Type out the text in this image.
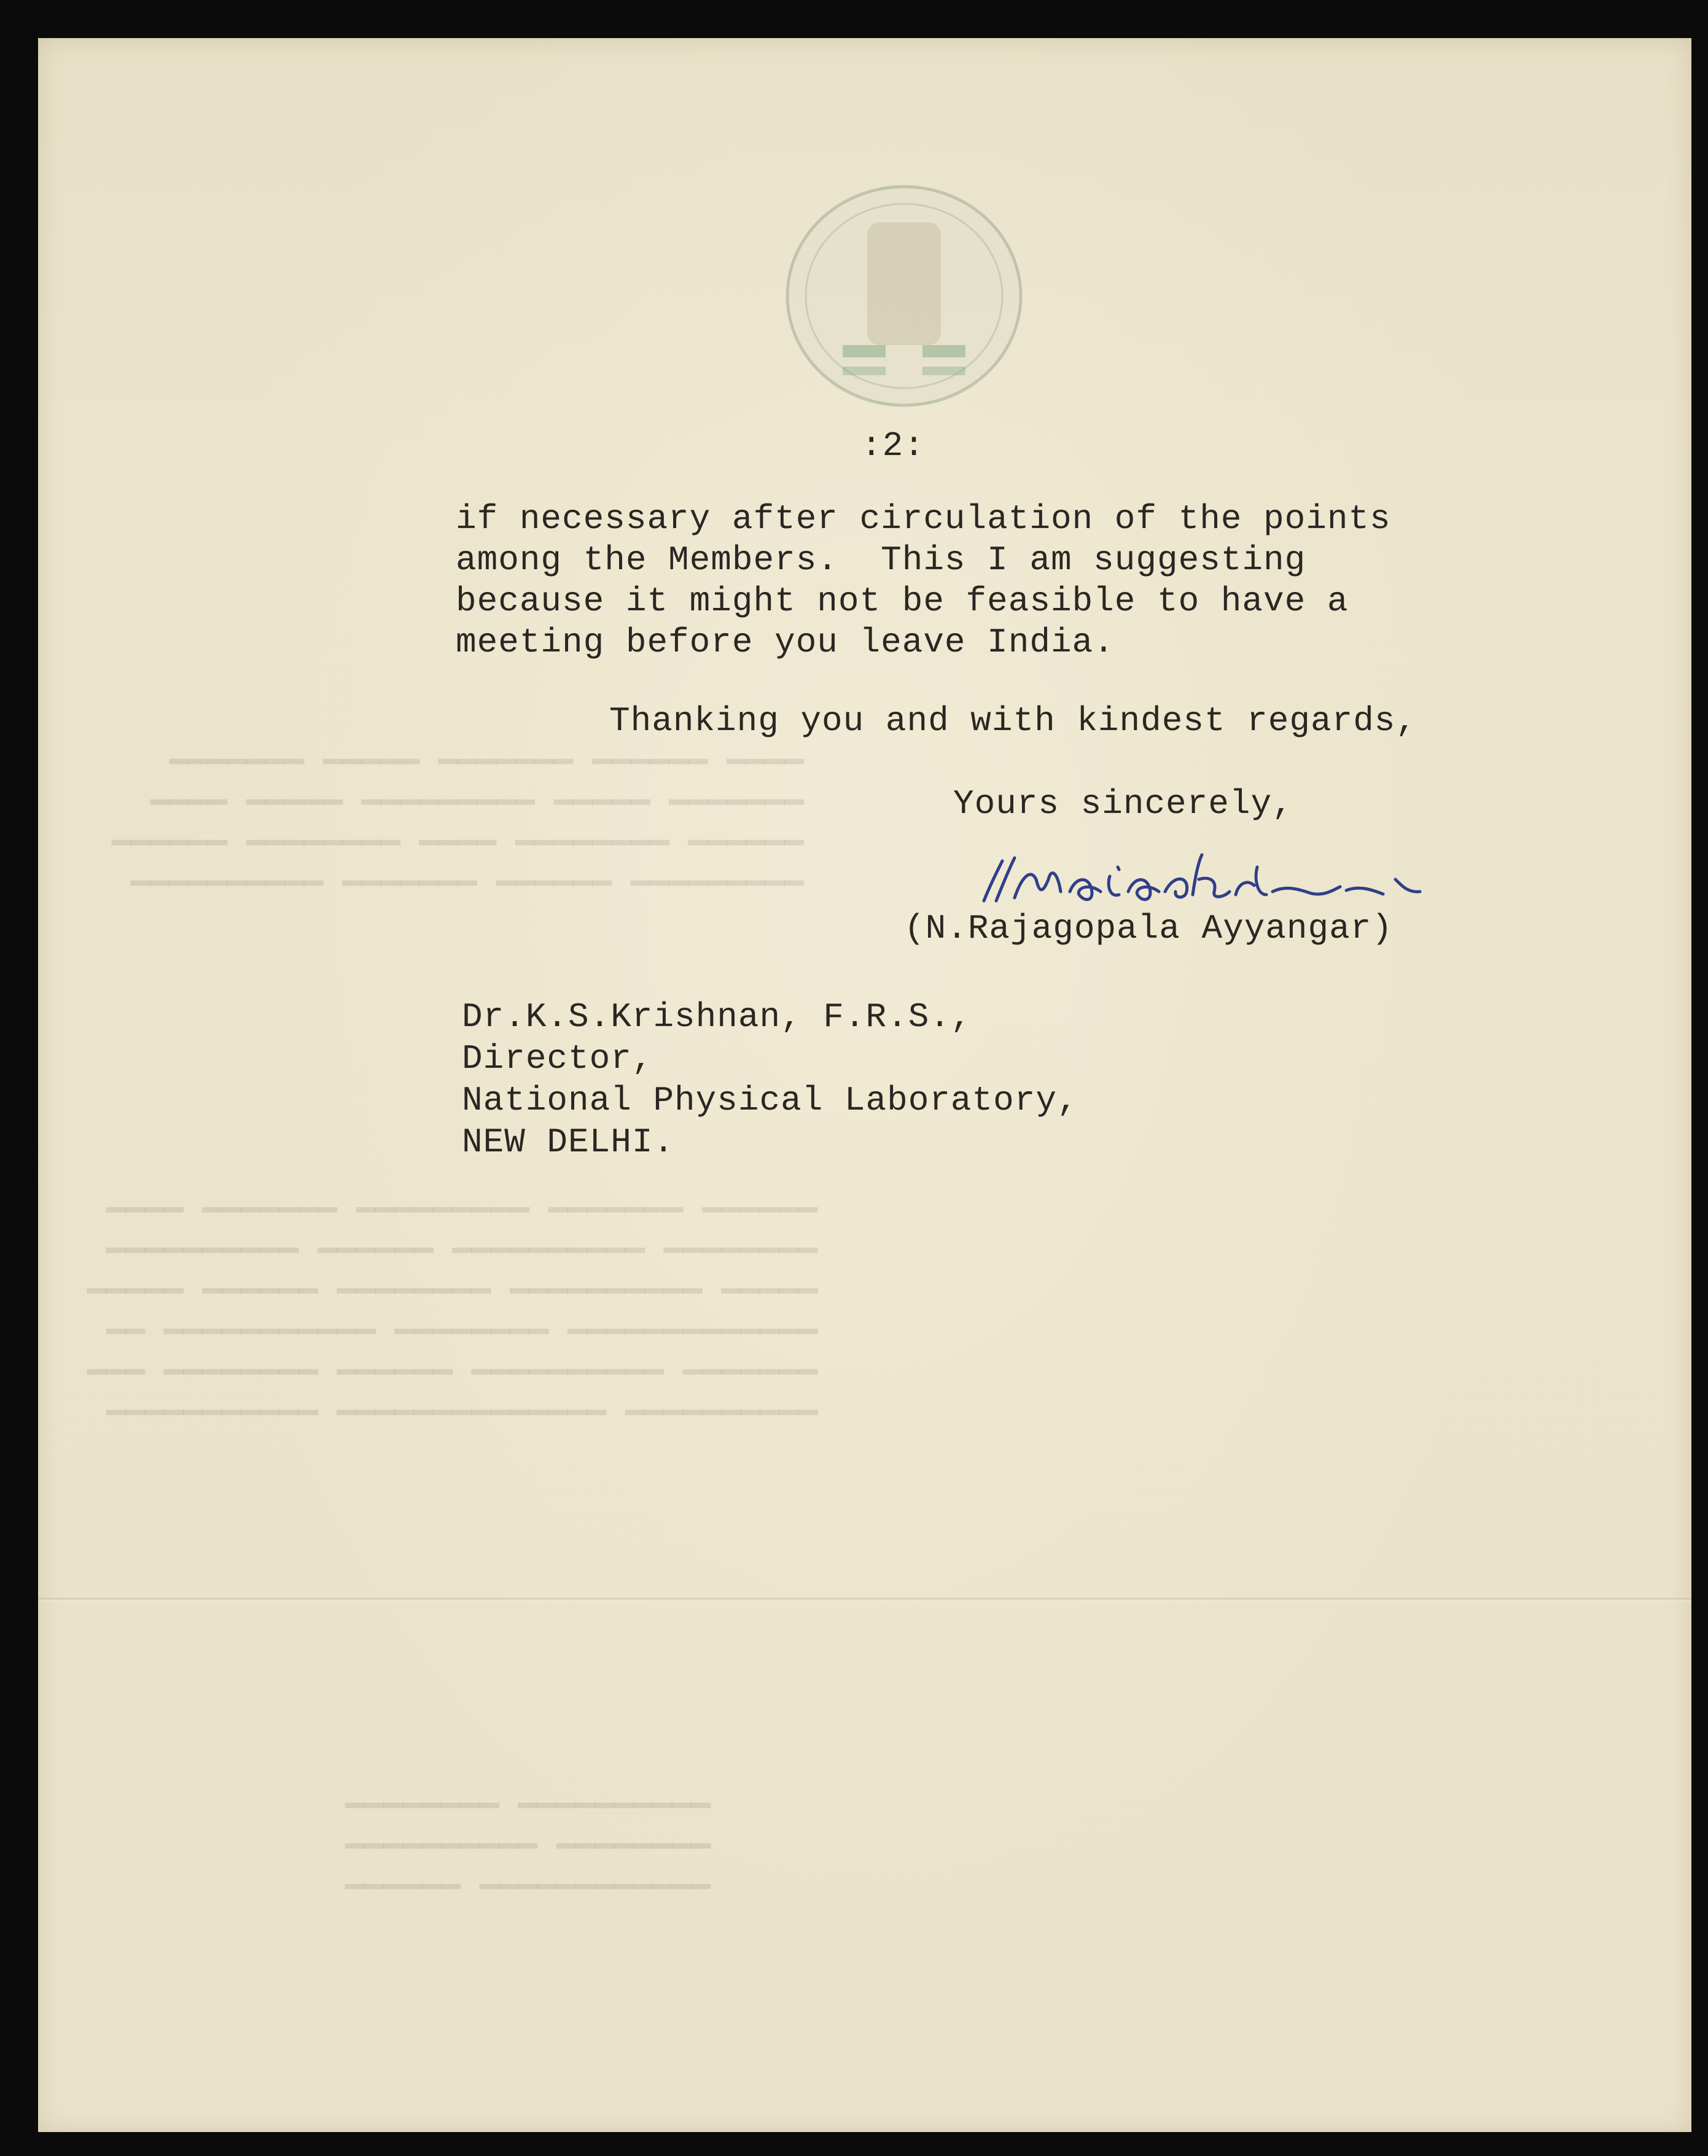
━━━━ ━━━━━━ ━━━━━━━ ━━━━━ ━━━━━━━
━━━━━━━ ━━━━━ ━━━━━━━━━ ━━━━━ ━━━━
━━━━━━ ━━━━━━━━ ━━━━ ━━━━━━━━ ━━━━━━
━━━━━━━━━ ━━━━━━ ━━━━━━━ ━━━━━━━━━━
━━━━━━ ━━━━━━━ ━━━━━━━━━ ━━━━━━━ ━━━━
━━━━━━━━ ━━━━━━━━━━ ━━━━━━ ━━━━━━━━━━
━━━━━ ━━━━━━━━━━ ━━━━━━━━ ━━━━━━ ━━━━━
━━━━━━━━━━━━━ ━━━━━━━━ ━━━━━━━━━━━ ━━
━━━━━━━ ━━━━━━━━━━ ━━━━━━ ━━━━━━━━ ━━━
━━━━━━━━━━ ━━━━━━━━━━━━━━ ━━━━━━━━━━━
━━━━━━━━━━ ━━━━━━━━
━━━━━━━━ ━━━━━━━━━━
━━━━━━━━━━━━ ━━━━━━
:2:
if necessary after circulation of the points
among the Members.  This I am suggesting
because it might not be feasible to have a
meeting before you leave India.
Thanking you and with kindest regards,
Yours sincerely,
(N.Rajagopala Ayyangar)
Dr.K.S.Krishnan, F.R.S.,
Director,
National Physical Laboratory,
NEW DELHI.
